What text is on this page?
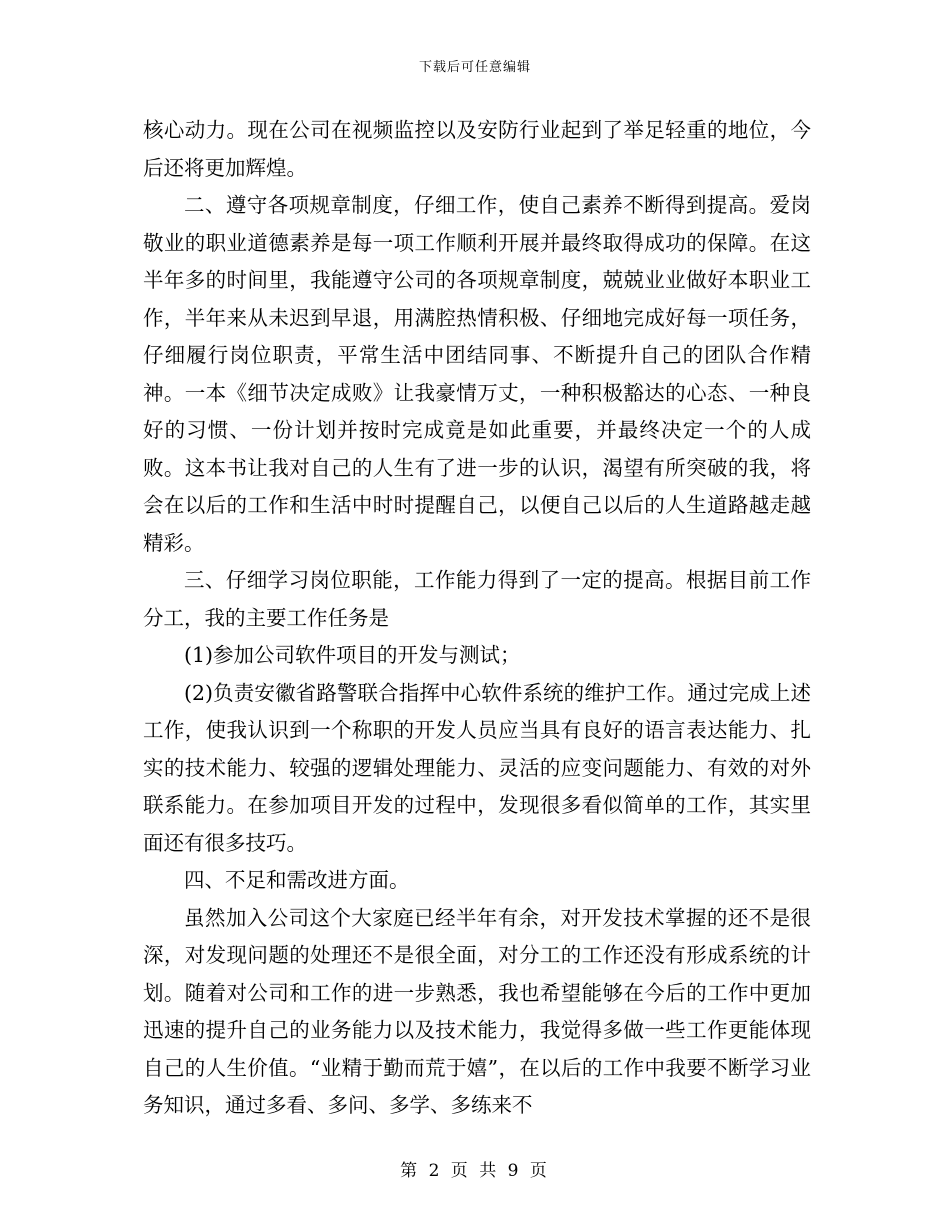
下载后可任意编辑

核心动力。现在公司在视频监控以及安防行业起到了举足轻重的地位，今后还将更加辉煌。

二、遵守各项规章制度，仔细工作，使自己素养不断得到提高。爱岗敬业的职业道德素养是每一项工作顺利开展并最终取得成功的保障。在这半年多的时间里，我能遵守公司的各项规章制度，兢兢业业做好本职业工作，半年来从未迟到早退，用满腔热情积极、仔细地完成好每一项任务，仔细履行岗位职责，平常生活中团结同事、不断提升自己的团队合作精神。一本《细节决定成败》让我豪情万丈，一种积极豁达的心态、一种良好的习惯、一份计划并按时完成竟是如此重要，并最终决定一个的人成败。这本书让我对自己的人生有了进一步的认识，渴望有所突破的我，将会在以后的工作和生活中时时提醒自己，以便自己以后的人生道路越走越精彩。

三、仔细学习岗位职能，工作能力得到了一定的提高。根据目前工作分工，我的主要工作任务是

(1)参加公司软件项目的开发与测试；

(2)负责安徽省路警联合指挥中心软件系统的维护工作。通过完成上述工作，使我认识到一个称职的开发人员应当具有良好的语言表达能力、扎实的技术能力、较强的逻辑处理能力、灵活的应变问题能力、有效的对外联系能力。在参加项目开发的过程中，发现很多看似简单的工作，其实里面还有很多技巧。

四、不足和需改进方面。

虽然加入公司这个大家庭已经半年有余，对开发技术掌握的还不是很深，对发现问题的处理还不是很全面，对分工的工作还没有形成系统的计划。随着对公司和工作的进一步熟悉，我也希望能够在今后的工作中更加迅速的提升自己的业务能力以及技术能力，我觉得多做一些工作更能体现自己的人生价值。“业精于勤而荒于嬉”，在以后的工作中我要不断学习业务知识，通过多看、多问、多学、多练来不

第 2 页 共 9 页
